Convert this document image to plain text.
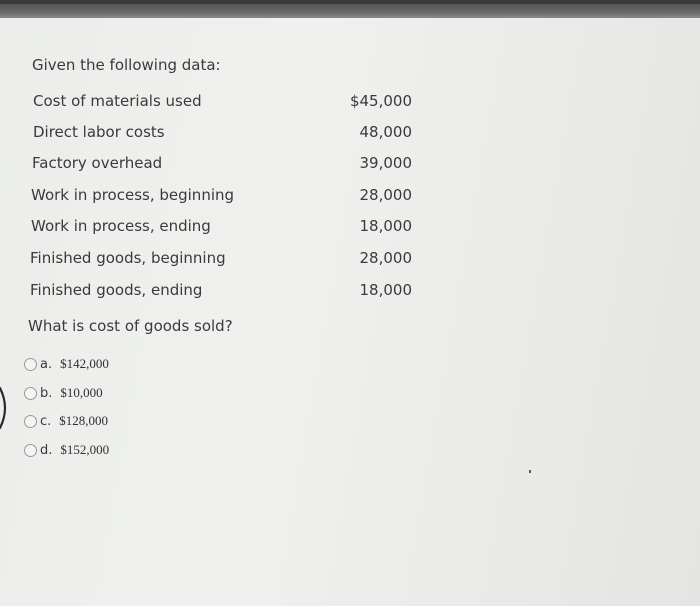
Given the following data:
Cost of materials used	$45,000
Direct labor costs	48,000
Factory overhead	39,000
Work in process, beginning	28,000
Work in process, ending	18,000
Finished goods, beginning	28,000
Finished goods, ending	18,000
What is cost of goods sold?
a. $142,000
b. $10,000
c. $128,000
d. $152,000
